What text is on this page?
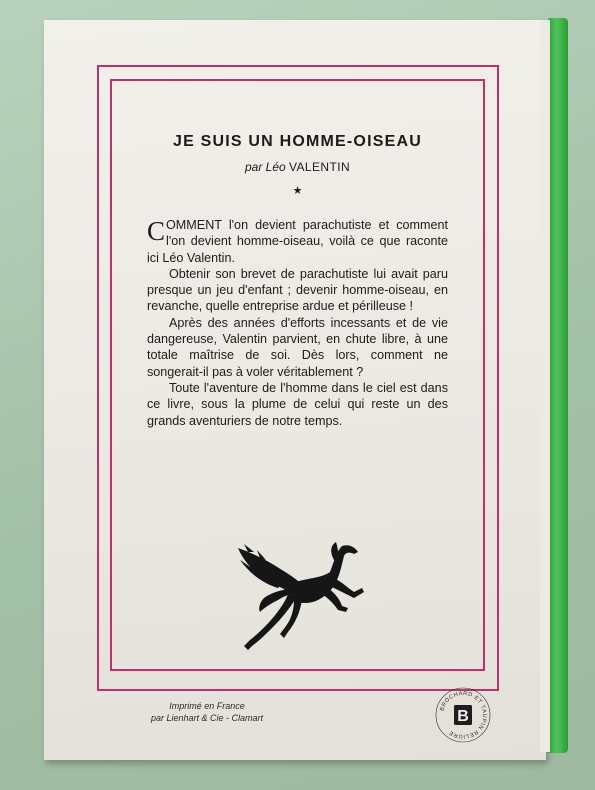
JE SUIS UN HOMME-OISEAU
par Léo VALENTIN
★

COMMENT l'on devient parachutiste et comment l'on devient homme-oiseau, voilà ce que raconte ici Léo Valentin.

Obtenir son brevet de parachutiste lui avait paru presque un jeu d'enfant ; devenir homme-oiseau, en revanche, quelle entreprise ardue et périlleuse !

Après des années d'efforts incessants et de vie dangereuse, Valentin parvient, en chute libre, à une totale maîtrise de soi. Dès lors, comment ne songerait-il pas à voler véritablement ?

Toute l'aventure de l'homme dans le ciel est dans ce livre, sous la plume de celui qui reste un des grands aventuriers de notre temps.

Imprimé en France
par Lienhart & Cie - Clamart
BROCHARD ET TAUPIN RELIURE
B
